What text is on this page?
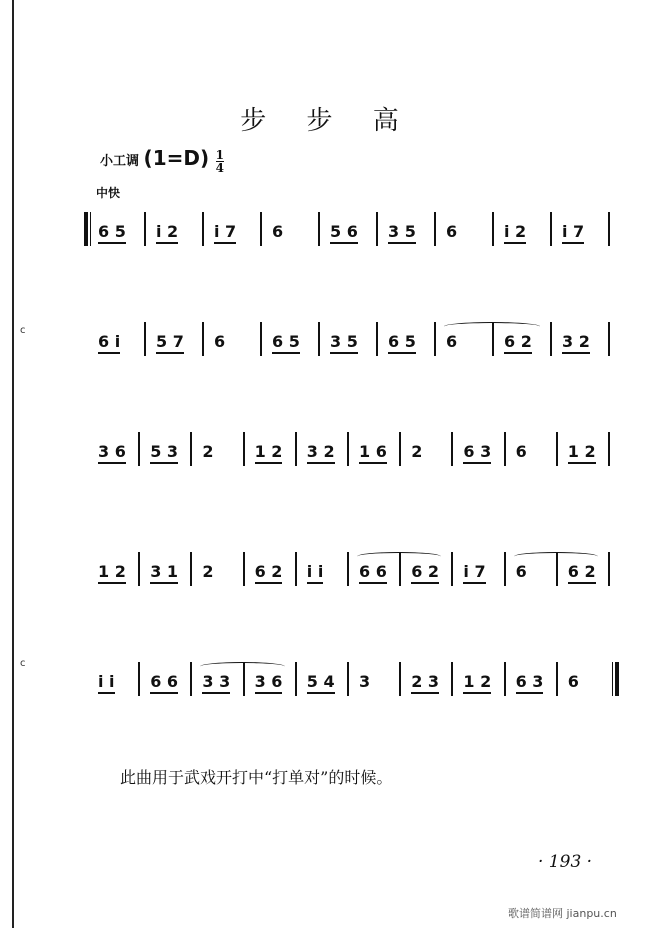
c
c
步 步 高
小工调 $(1=D) \frac{1}{4}$
中快
6 5 i 2 i 7 6	5 6 3 5 6	i 2 i 7
6 i 5 7 6	6 5 3 5 6 5 6	6 2 3 2
3 6 5 3 2	1 2 3 2 1 6 2	6 3 6	1 2
1 2 3 1 2	6 2 i i 6 6 6 2 i 7 6	6 2
i i 6 6 3 3 3 6 5 4 3	2 3 1 2 6 3 6
此曲用于武戏开打中“打单对”的时候。
· 193 ·
歌谱简谱网 jianpu.cn
